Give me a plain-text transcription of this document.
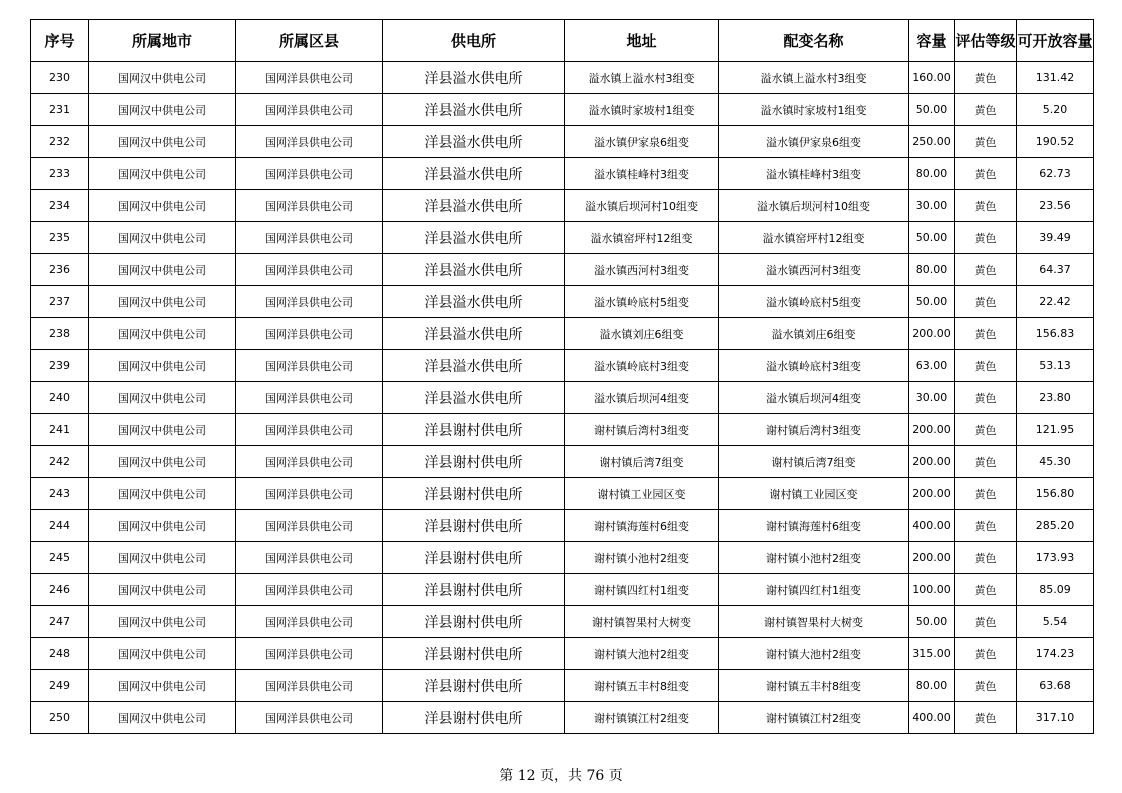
序号	所属地市	所属区县	供电所	地址	配变名称	容量	评估等级	可开放容量
230	国网汉中供电公司	国网洋县供电公司	洋县溢水供电所	溢水镇上溢水村3组变	溢水镇上溢水村3组变	160.00	黄色	131.42
231	国网汉中供电公司	国网洋县供电公司	洋县溢水供电所	溢水镇时家坡村1组变	溢水镇时家坡村1组变	50.00	黄色	5.20
232	国网汉中供电公司	国网洋县供电公司	洋县溢水供电所	溢水镇伊家泉6组变	溢水镇伊家泉6组变	250.00	黄色	190.52
233	国网汉中供电公司	国网洋县供电公司	洋县溢水供电所	溢水镇桂峰村3组变	溢水镇桂峰村3组变	80.00	黄色	62.73
234	国网汉中供电公司	国网洋县供电公司	洋县溢水供电所	溢水镇后坝河村10组变	溢水镇后坝河村10组变	30.00	黄色	23.56
235	国网汉中供电公司	国网洋县供电公司	洋县溢水供电所	溢水镇窑坪村12组变	溢水镇窑坪村12组变	50.00	黄色	39.49
236	国网汉中供电公司	国网洋县供电公司	洋县溢水供电所	溢水镇西河村3组变	溢水镇西河村3组变	80.00	黄色	64.37
237	国网汉中供电公司	国网洋县供电公司	洋县溢水供电所	溢水镇岭底村5组变	溢水镇岭底村5组变	50.00	黄色	22.42
238	国网汉中供电公司	国网洋县供电公司	洋县溢水供电所	溢水镇刘庄6组变	溢水镇刘庄6组变	200.00	黄色	156.83
239	国网汉中供电公司	国网洋县供电公司	洋县溢水供电所	溢水镇岭底村3组变	溢水镇岭底村3组变	63.00	黄色	53.13
240	国网汉中供电公司	国网洋县供电公司	洋县溢水供电所	溢水镇后坝河4组变	溢水镇后坝河4组变	30.00	黄色	23.80
241	国网汉中供电公司	国网洋县供电公司	洋县谢村供电所	谢村镇后湾村3组变	谢村镇后湾村3组变	200.00	黄色	121.95
242	国网汉中供电公司	国网洋县供电公司	洋县谢村供电所	谢村镇后湾7组变	谢村镇后湾7组变	200.00	黄色	45.30
243	国网汉中供电公司	国网洋县供电公司	洋县谢村供电所	谢村镇工业园区变	谢村镇工业园区变	200.00	黄色	156.80
244	国网汉中供电公司	国网洋县供电公司	洋县谢村供电所	谢村镇海莲村6组变	谢村镇海莲村6组变	400.00	黄色	285.20
245	国网汉中供电公司	国网洋县供电公司	洋县谢村供电所	谢村镇小池村2组变	谢村镇小池村2组变	200.00	黄色	173.93
246	国网汉中供电公司	国网洋县供电公司	洋县谢村供电所	谢村镇四红村1组变	谢村镇四红村1组变	100.00	黄色	85.09
247	国网汉中供电公司	国网洋县供电公司	洋县谢村供电所	谢村镇智果村大树变	谢村镇智果村大树变	50.00	黄色	5.54
248	国网汉中供电公司	国网洋县供电公司	洋县谢村供电所	谢村镇大池村2组变	谢村镇大池村2组变	315.00	黄色	174.23
249	国网汉中供电公司	国网洋县供电公司	洋县谢村供电所	谢村镇五丰村8组变	谢村镇五丰村8组变	80.00	黄色	63.68
250	国网汉中供电公司	国网洋县供电公司	洋县谢村供电所	谢村镇镇江村2组变	谢村镇镇江村2组变	400.00	黄色	317.10
第 12 页，共 76 页
